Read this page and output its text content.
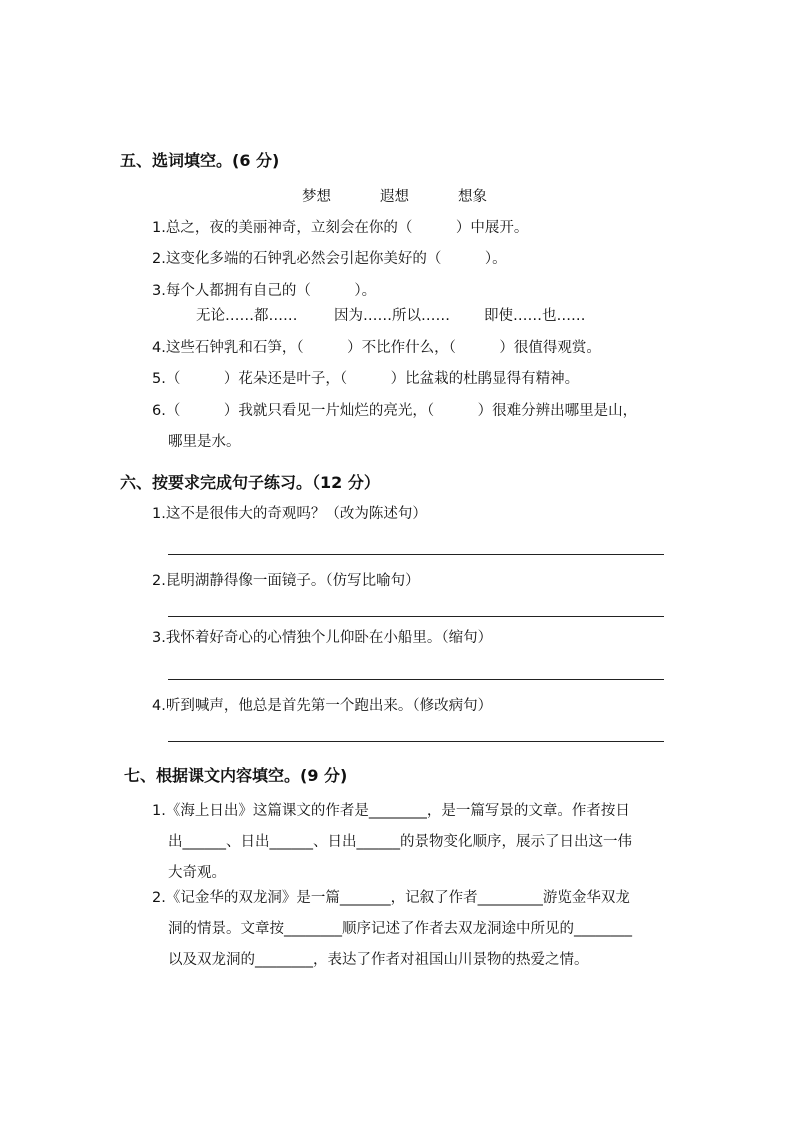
五、选词填空。(6 分)
梦想	遐想	想象
1.总之，夜的美丽神奇，立刻会在你的（　　　）中展开。
2.这变化多端的石钟乳必然会引起你美好的（　　　）。
3.每个人都拥有自己的（　　　）。
无论……都……	因为……所以…… 即使……也……
4.这些石钟乳和石笋，（　　　）不比作什么，（　　　）很值得观赏。
5.（　　　）花朵还是叶子，（　　　）比盆栽的杜鹃显得有精神。
6.（　　　）我就只看见一片灿烂的亮光，（　　　）很难分辨出哪里是山，
哪里是水。
六、按要求完成句子练习。（12 分）
1.这不是很伟大的奇观吗？（改为陈述句）
2.昆明湖静得像一面镜子。（仿写比喻句）
3.我怀着好奇心的心情独个儿仰卧在小船里。（缩句）
4.听到喊声，他总是首先第一个跑出来。（修改病句）
七、根据课文内容填空。(9 分)
1.《海上日出》这篇课文的作者是________，是一篇写景的文章。作者按日
出______、日出______、日出______的景物变化顺序，展示了日出这一伟
大奇观。
2.《记金华的双龙洞》是一篇_______，记叙了作者_________游览金华双龙
洞的情景。文章按________顺序记述了作者去双龙洞途中所见的________
以及双龙洞的________，表达了作者对祖国山川景物的热爱之情。
